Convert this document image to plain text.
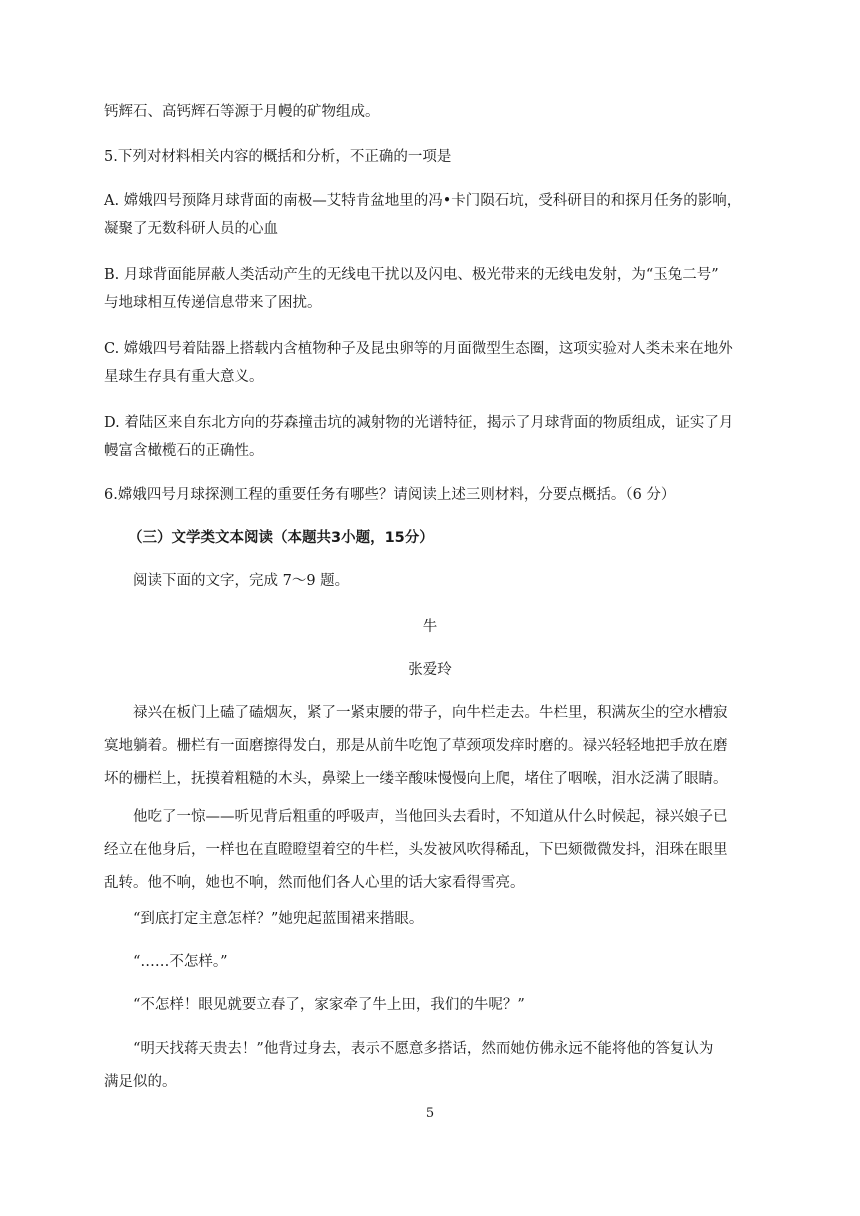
钙辉石、高钙辉石等源于月幔的矿物组成。
5.下列对材料相关内容的概括和分析，不正确的一项是
A. 嫦娥四号预降月球背面的南极—艾特肯盆地里的冯•卡门陨石坑，受科研目的和探月任务的影响，
凝聚了无数科研人员的心血
B. 月球背面能屏蔽人类活动产生的无线电干扰以及闪电、极光带来的无线电发射，为“玉兔二号”
与地球相互传递信息带来了困扰。
C. 嫦娥四号着陆器上搭载内含植物种子及昆虫卵等的月面微型生态圈，这项实验对人类未来在地外
星球生存具有重大意义。
D. 着陆区来自东北方向的芬森撞击坑的减射物的光谱特征，揭示了月球背面的物质组成，证实了月
幔富含橄榄石的正确性。
6.嫦娥四号月球探测工程的重要任务有哪些？请阅读上述三则材料，分要点概括。（6 分）
（三）文学类文本阅读（本题共3小题，15分）
阅读下面的文字，完成 7～9 题。
牛
张爱玲
禄兴在板门上磕了磕烟灰，紧了一紧束腰的带子，向牛栏走去。牛栏里，积满灰尘的空水槽寂
寞地躺着。栅栏有一面磨擦得发白，那是从前牛吃饱了草颈项发痒时磨的。禄兴轻轻地把手放在磨
坏的栅栏上，抚摸着粗糙的木头，鼻梁上一缕辛酸味慢慢向上爬，堵住了咽喉，泪水泛满了眼睛。
他吃了一惊——听见背后粗重的呼吸声，当他回头去看时，不知道从什么时候起，禄兴娘子已
经立在他身后，一样也在直瞪瞪望着空的牛栏，头发被风吹得稀乱，下巴颏微微发抖，泪珠在眼里
乱转。他不响，她也不响，然而他们各人心里的话大家看得雪亮。
“到底打定主意怎样？”她兜起蓝围裙来揩眼。
“……不怎样。”
“不怎样！眼见就要立春了，家家牵了牛上田，我们的牛呢？”
“明天找蒋天贵去！”他背过身去，表示不愿意多搭话，然而她仿佛永远不能将他的答复认为
满足似的。
5
